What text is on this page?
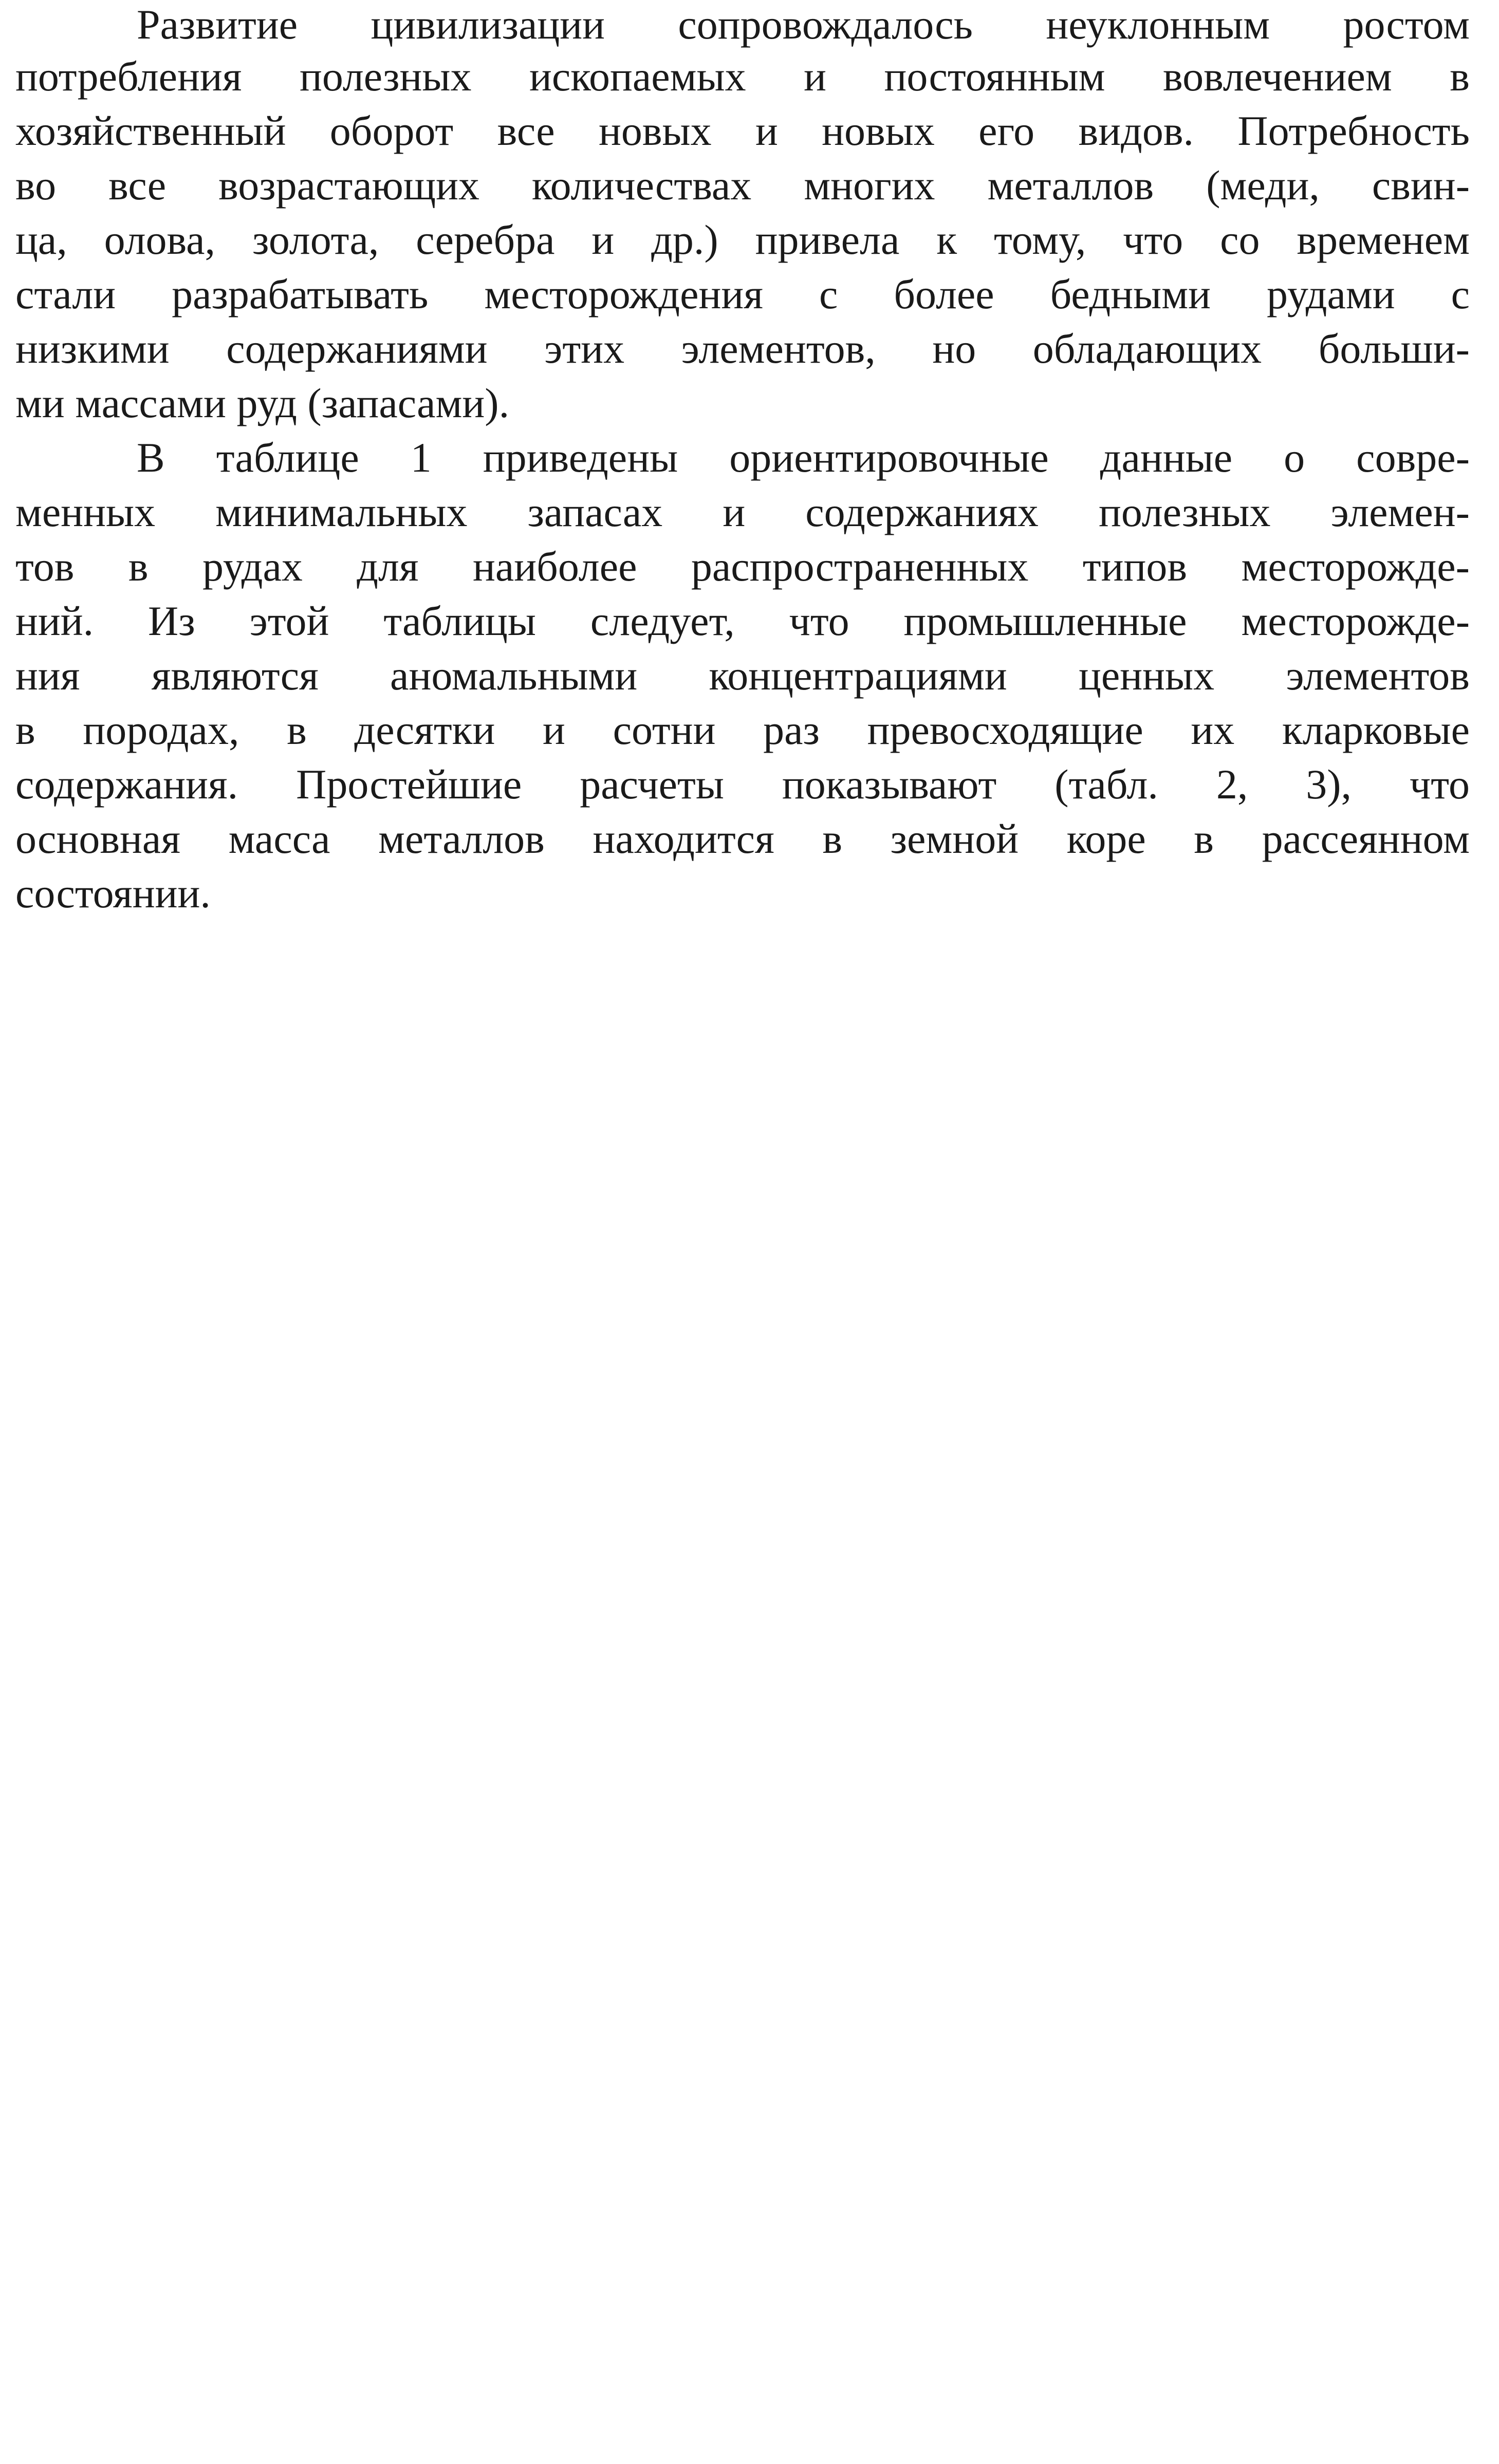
Развитие цивилизации сопровождалось неуклонным ростом
потребления полезных ископаемых и постоянным вовлечением в
хозяйственный оборот все новых и новых его видов. Потребность
во все возрастающих количествах многих металлов (меди, свин-
ца, олова, золота, серебра и др.) привела к тому, что со временем
стали разрабатывать месторождения с более бедными рудами с
низкими содержаниями этих элементов, но обладающих больши-
ми массами руд (запасами).
В таблице 1 приведены ориентировочные данные о совре-
менных минимальных запасах и содержаниях полезных элемен-
тов в рудах для наиболее распространенных типов месторожде-
ний. Из этой таблицы следует, что промышленные месторожде-
ния являются аномальными концентрациями ценных элементов
в породах, в десятки и сотни раз превосходящие их кларковые
содержания. Простейшие расчеты показывают (табл. 2, 3), что
основная масса металлов находится в земной коре в рассеянном
состоянии.
